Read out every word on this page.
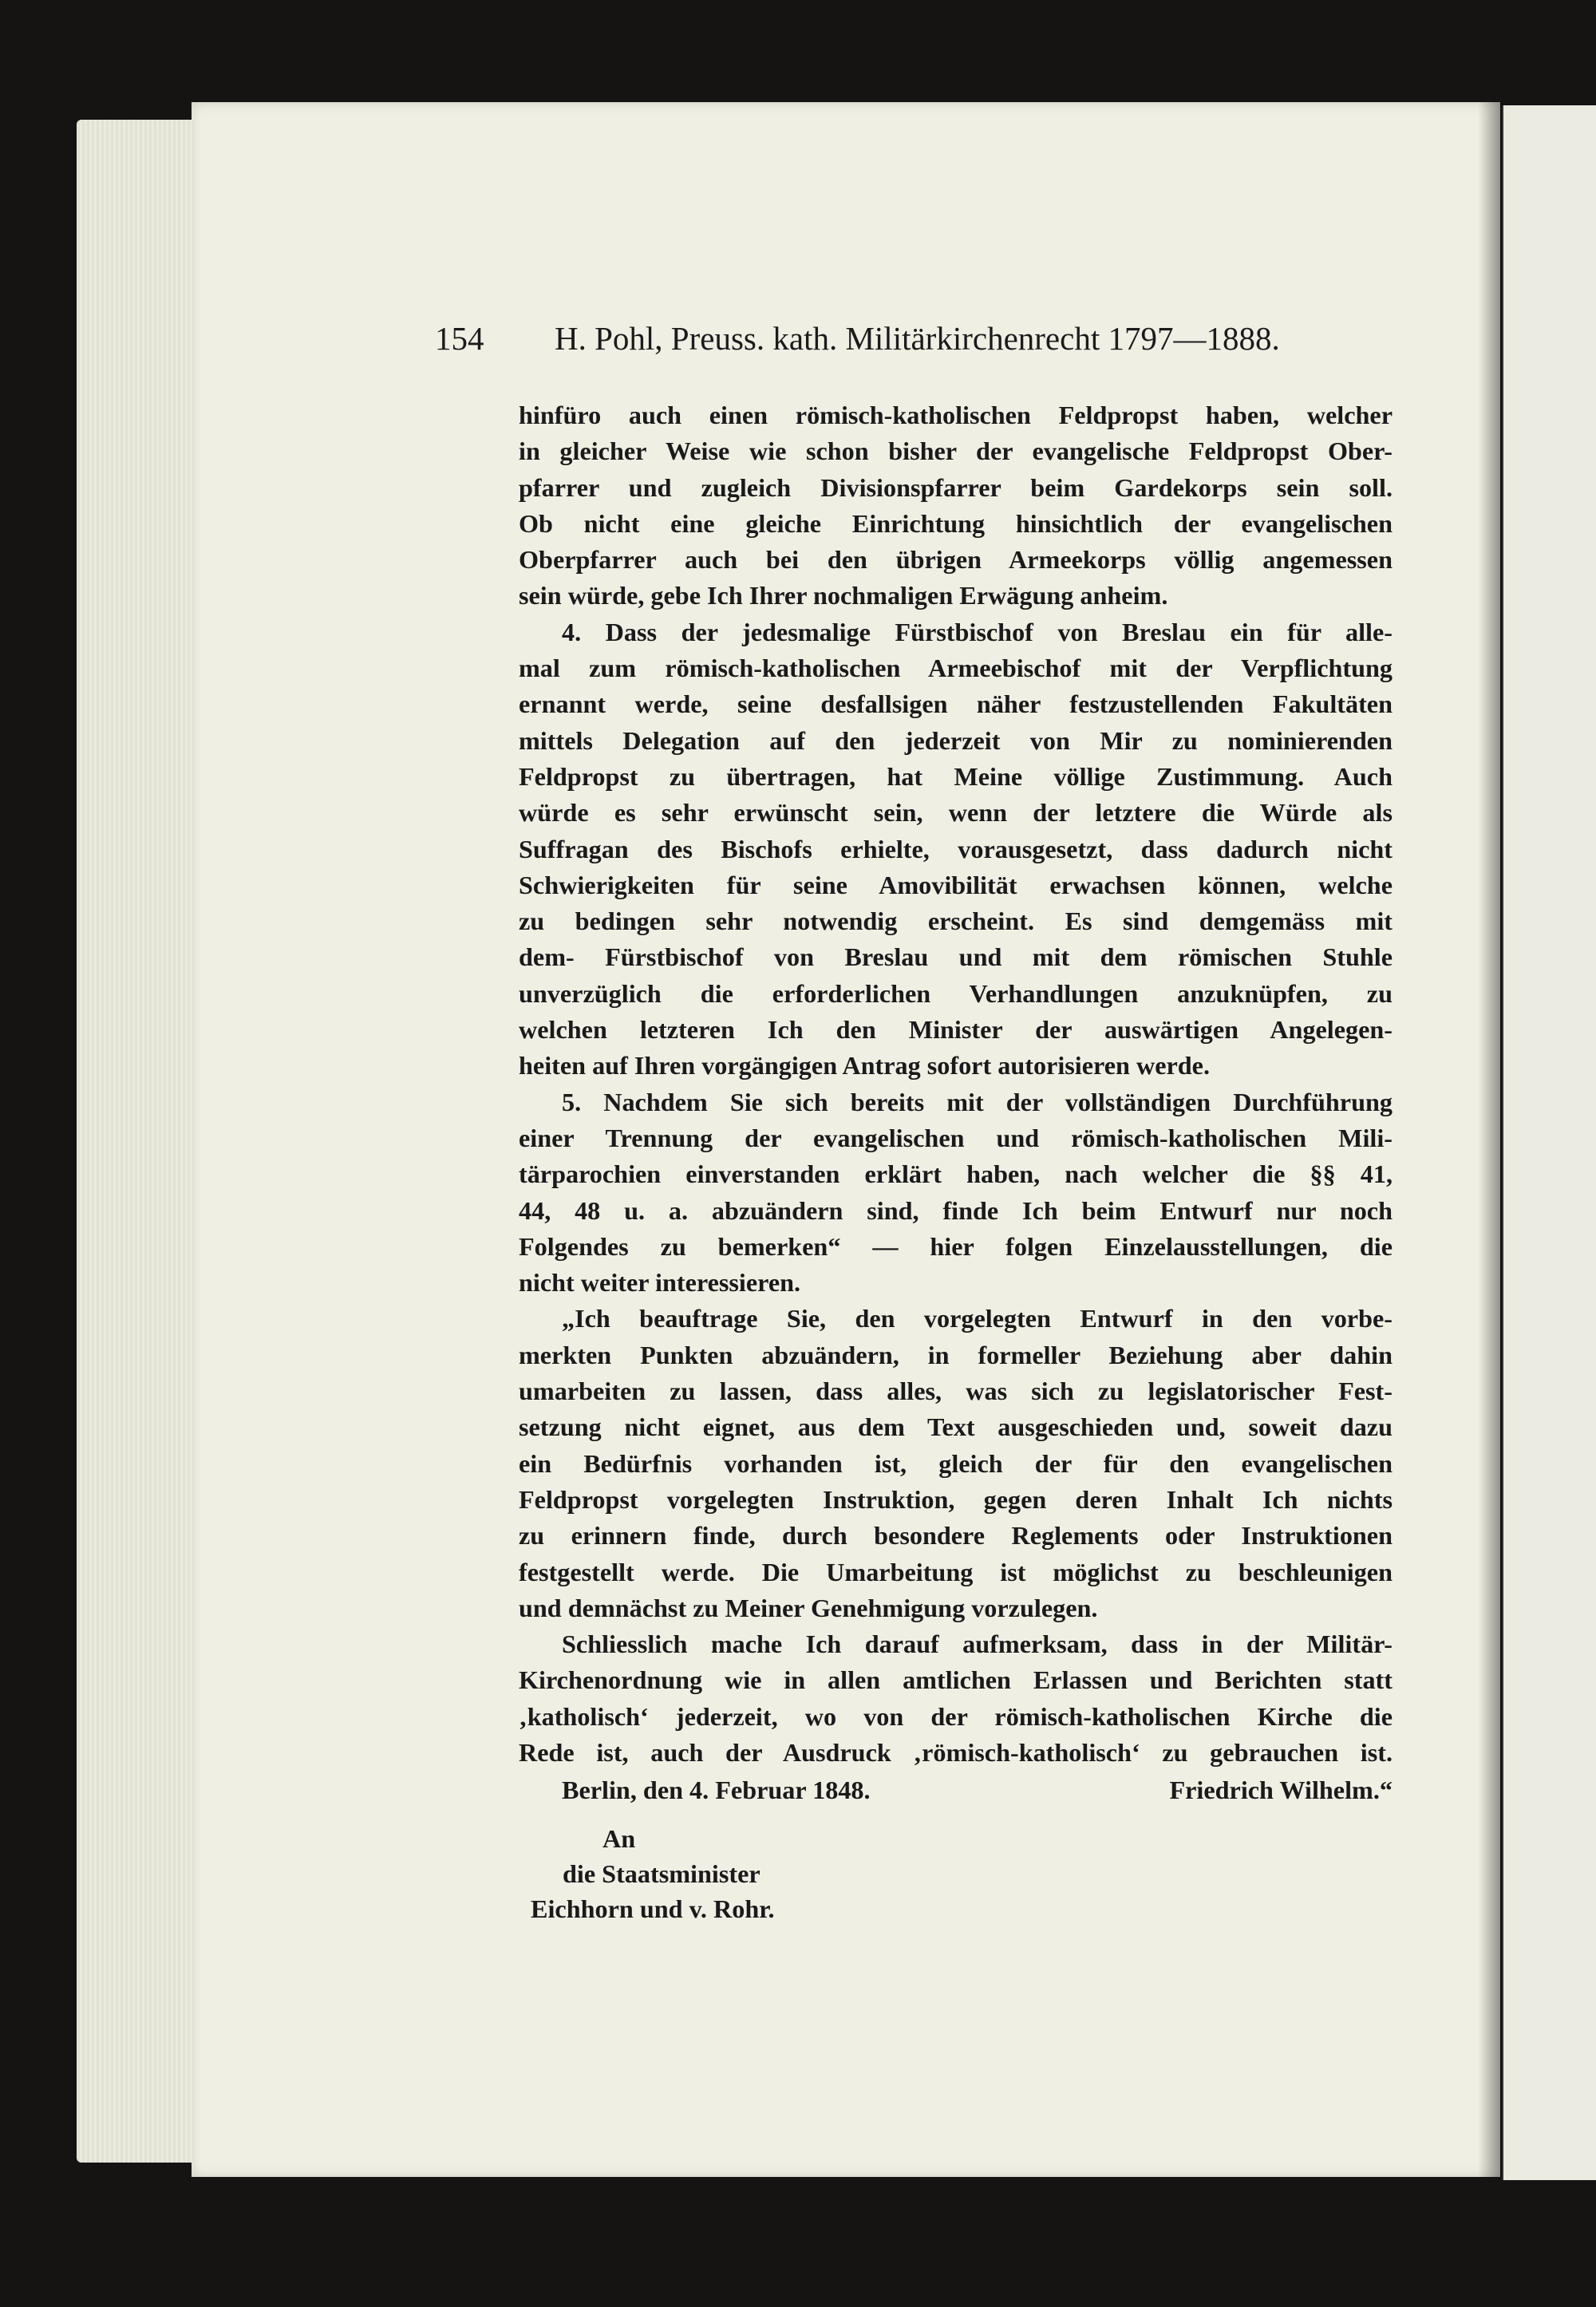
154 H. Pohl, Preuss. kath. Militärkirchenrecht 1797—1888.
hinfüro auch einen römisch-katholischen Feldpropst haben, welcher
in gleicher Weise wie schon bisher der evangelische Feldpropst Ober-
pfarrer und zugleich Divisionspfarrer beim Gardekorps sein soll.
Ob nicht eine gleiche Einrichtung hinsichtlich der evangelischen
Oberpfarrer auch bei den übrigen Armeekorps völlig angemessen
sein würde, gebe Ich Ihrer nochmaligen Erwägung anheim.
4. Dass der jedesmalige Fürstbischof von Breslau ein für alle-
mal zum römisch-katholischen Armeebischof mit der Verpflichtung
ernannt werde, seine desfallsigen näher festzustellenden Fakultäten
mittels Delegation auf den jederzeit von Mir zu nominierenden
Feldpropst zu übertragen, hat Meine völlige Zustimmung. Auch
würde es sehr erwünscht sein, wenn der letztere die Würde als
Suffragan des Bischofs erhielte, vorausgesetzt, dass dadurch nicht
Schwierigkeiten für seine Amovibilität erwachsen können, welche
zu bedingen sehr notwendig erscheint. Es sind demgemäss mit
dem- Fürstbischof von Breslau und mit dem römischen Stuhle
unverzüglich die erforderlichen Verhandlungen anzuknüpfen, zu
welchen letzteren Ich den Minister der auswärtigen Angelegen-
heiten auf Ihren vorgängigen Antrag sofort autorisieren werde.
5. Nachdem Sie sich bereits mit der vollständigen Durchführung
einer Trennung der evangelischen und römisch-katholischen Mili-
tärparochien einverstanden erklärt haben, nach welcher die §§ 41,
44, 48 u. a. abzuändern sind, finde Ich beim Entwurf nur noch
Folgendes zu bemerken“ — hier folgen Einzelausstellungen, die
nicht weiter interessieren.
„Ich beauftrage Sie, den vorgelegten Entwurf in den vorbe-
merkten Punkten abzuändern, in formeller Beziehung aber dahin
umarbeiten zu lassen, dass alles, was sich zu legislatorischer Fest-
setzung nicht eignet, aus dem Text ausgeschieden und, soweit dazu
ein Bedürfnis vorhanden ist, gleich der für den evangelischen
Feldpropst vorgelegten Instruktion, gegen deren Inhalt Ich nichts
zu erinnern finde, durch besondere Reglements oder Instruktionen
festgestellt werde. Die Umarbeitung ist möglichst zu beschleunigen
und demnächst zu Meiner Genehmigung vorzulegen.
Schliesslich mache Ich darauf aufmerksam, dass in der Militär-
Kirchenordnung wie in allen amtlichen Erlassen und Berichten statt
‚katholisch‘ jederzeit, wo von der römisch-katholischen Kirche die
Rede ist, auch der Ausdruck ‚römisch-katholisch‘ zu gebrauchen ist.
Berlin, den 4. Februar 1848.	Friedrich Wilhelm.“
An
die Staatsminister
Eichhorn und v. Rohr.
